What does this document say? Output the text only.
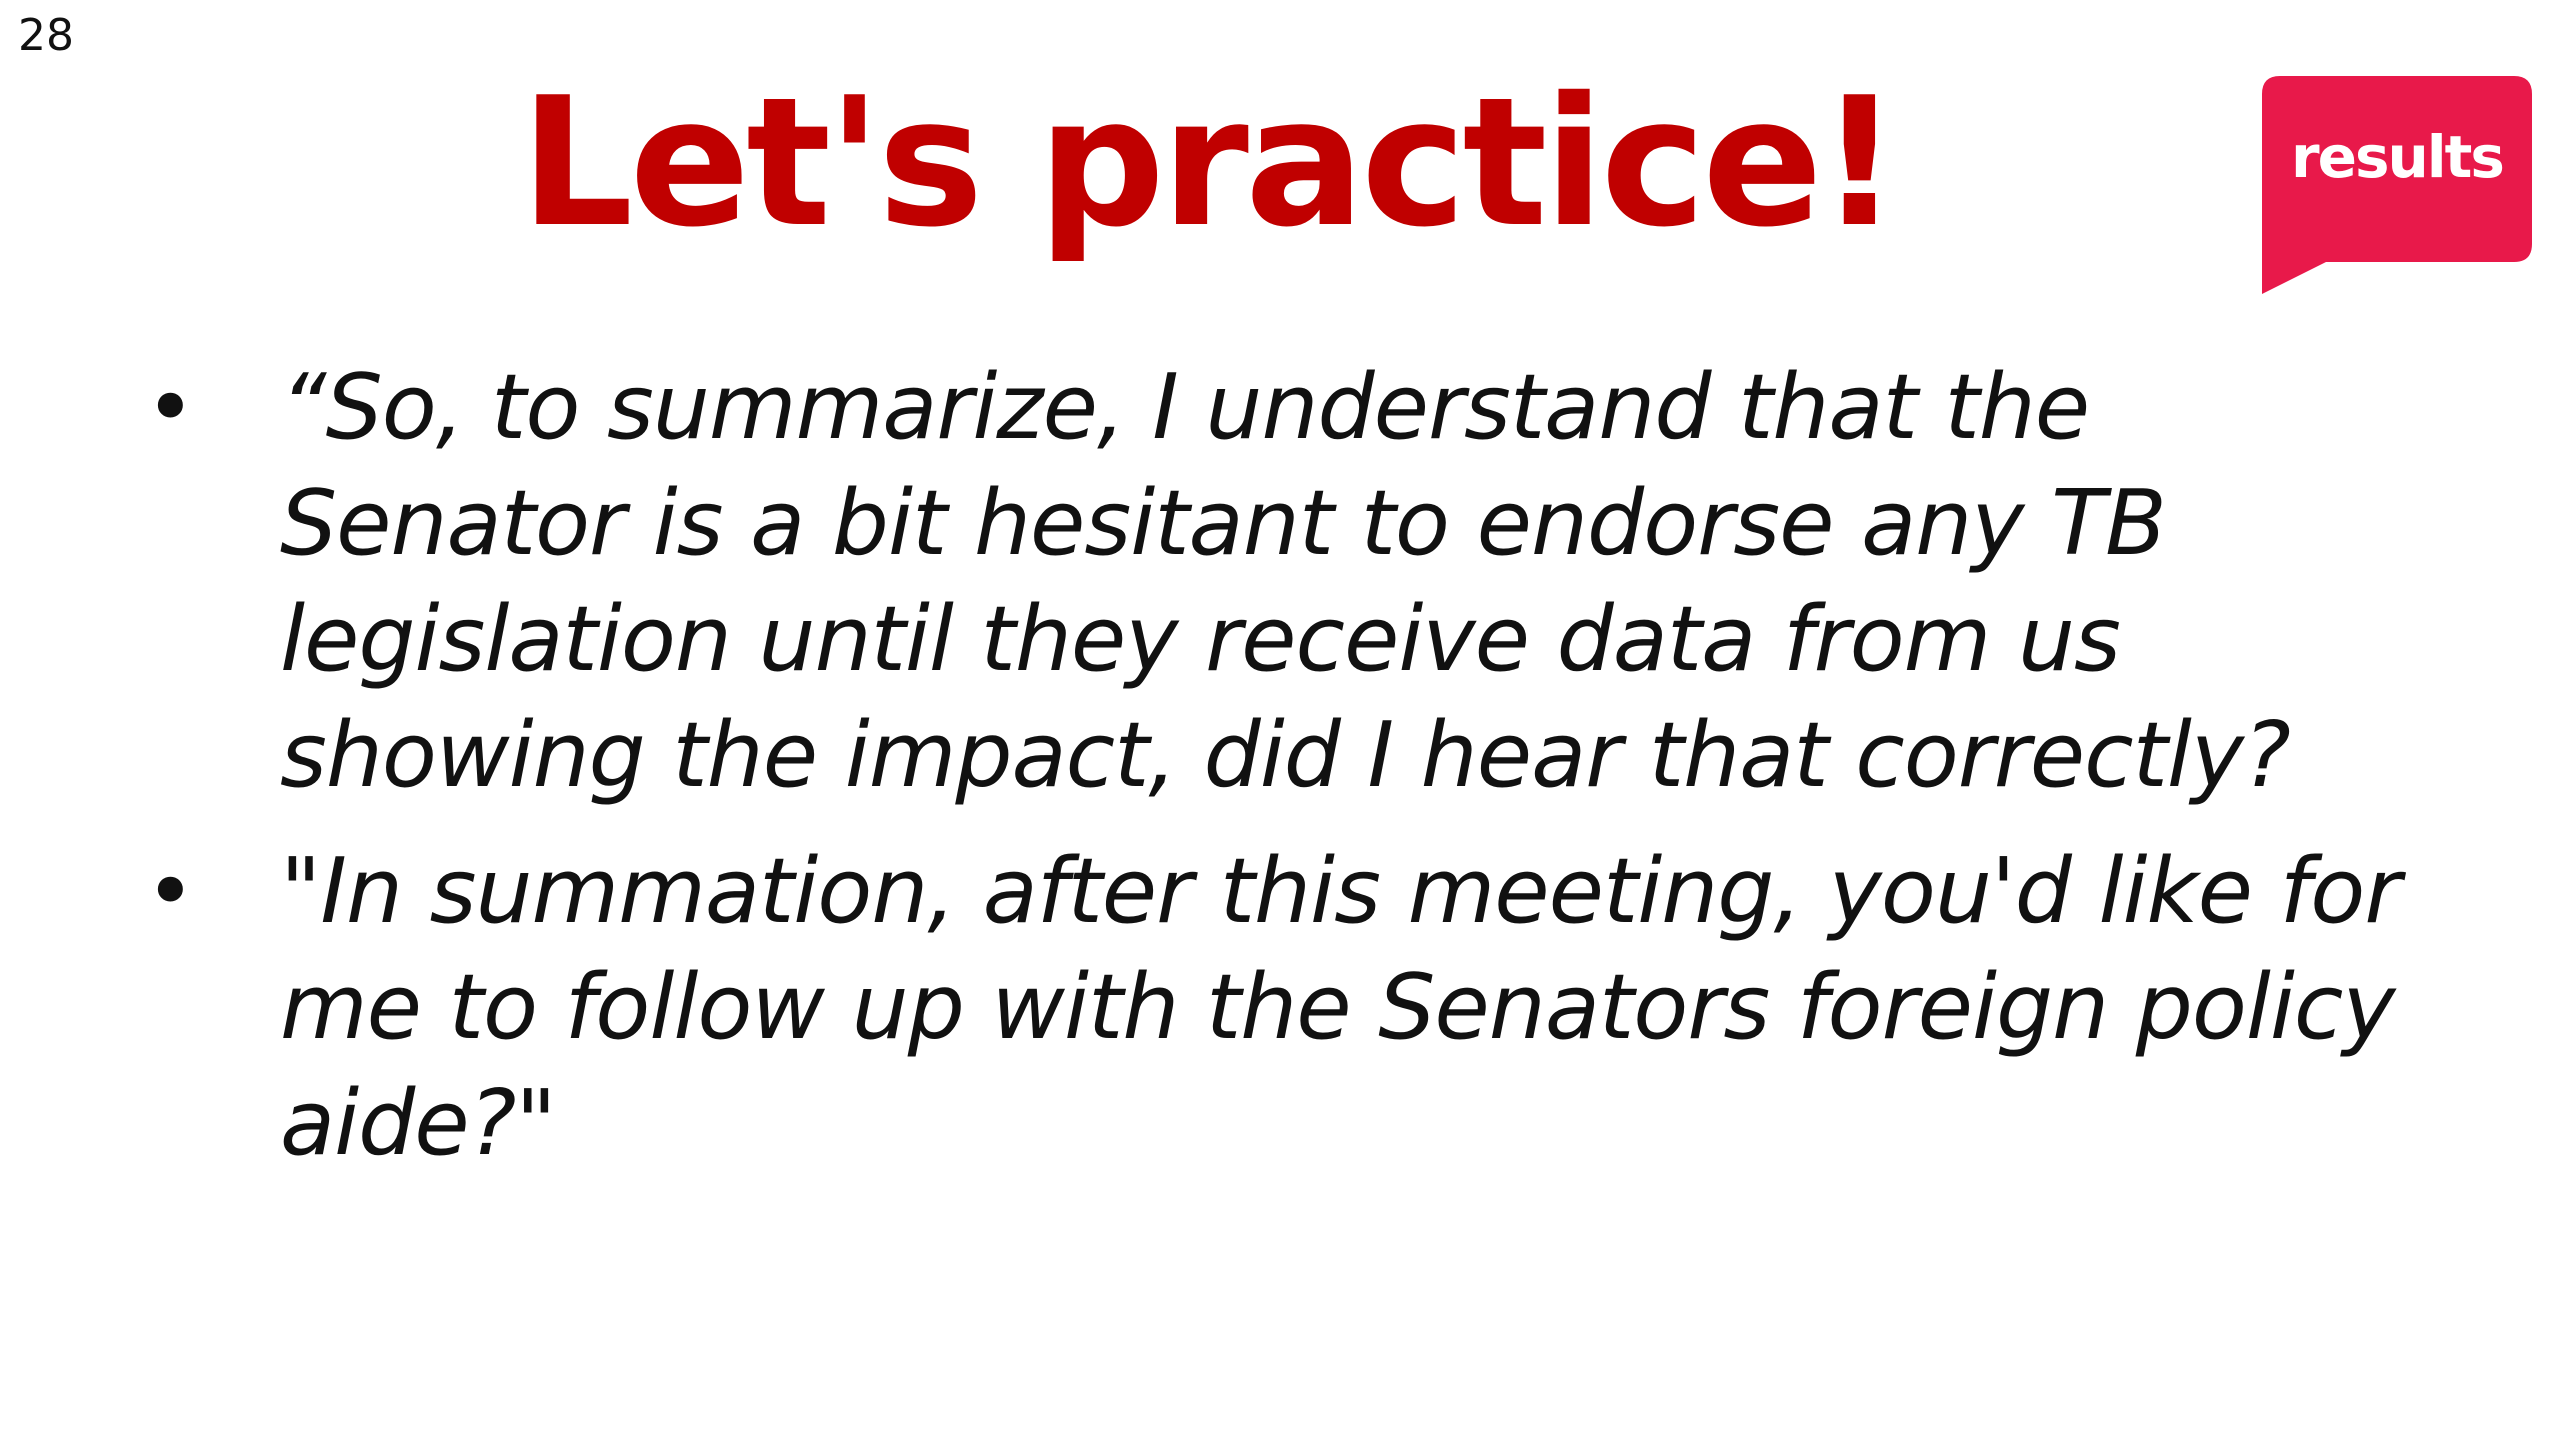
28
Let's practice!	results
• “So, to summarize, I understand that the Senator is a bit hesitant to endorse any TB legislation until they receive data from us showing the impact, did I hear that correctly?
• "In summation, after this meeting, you'd like for me to follow up with the Senators foreign policy aide?"
